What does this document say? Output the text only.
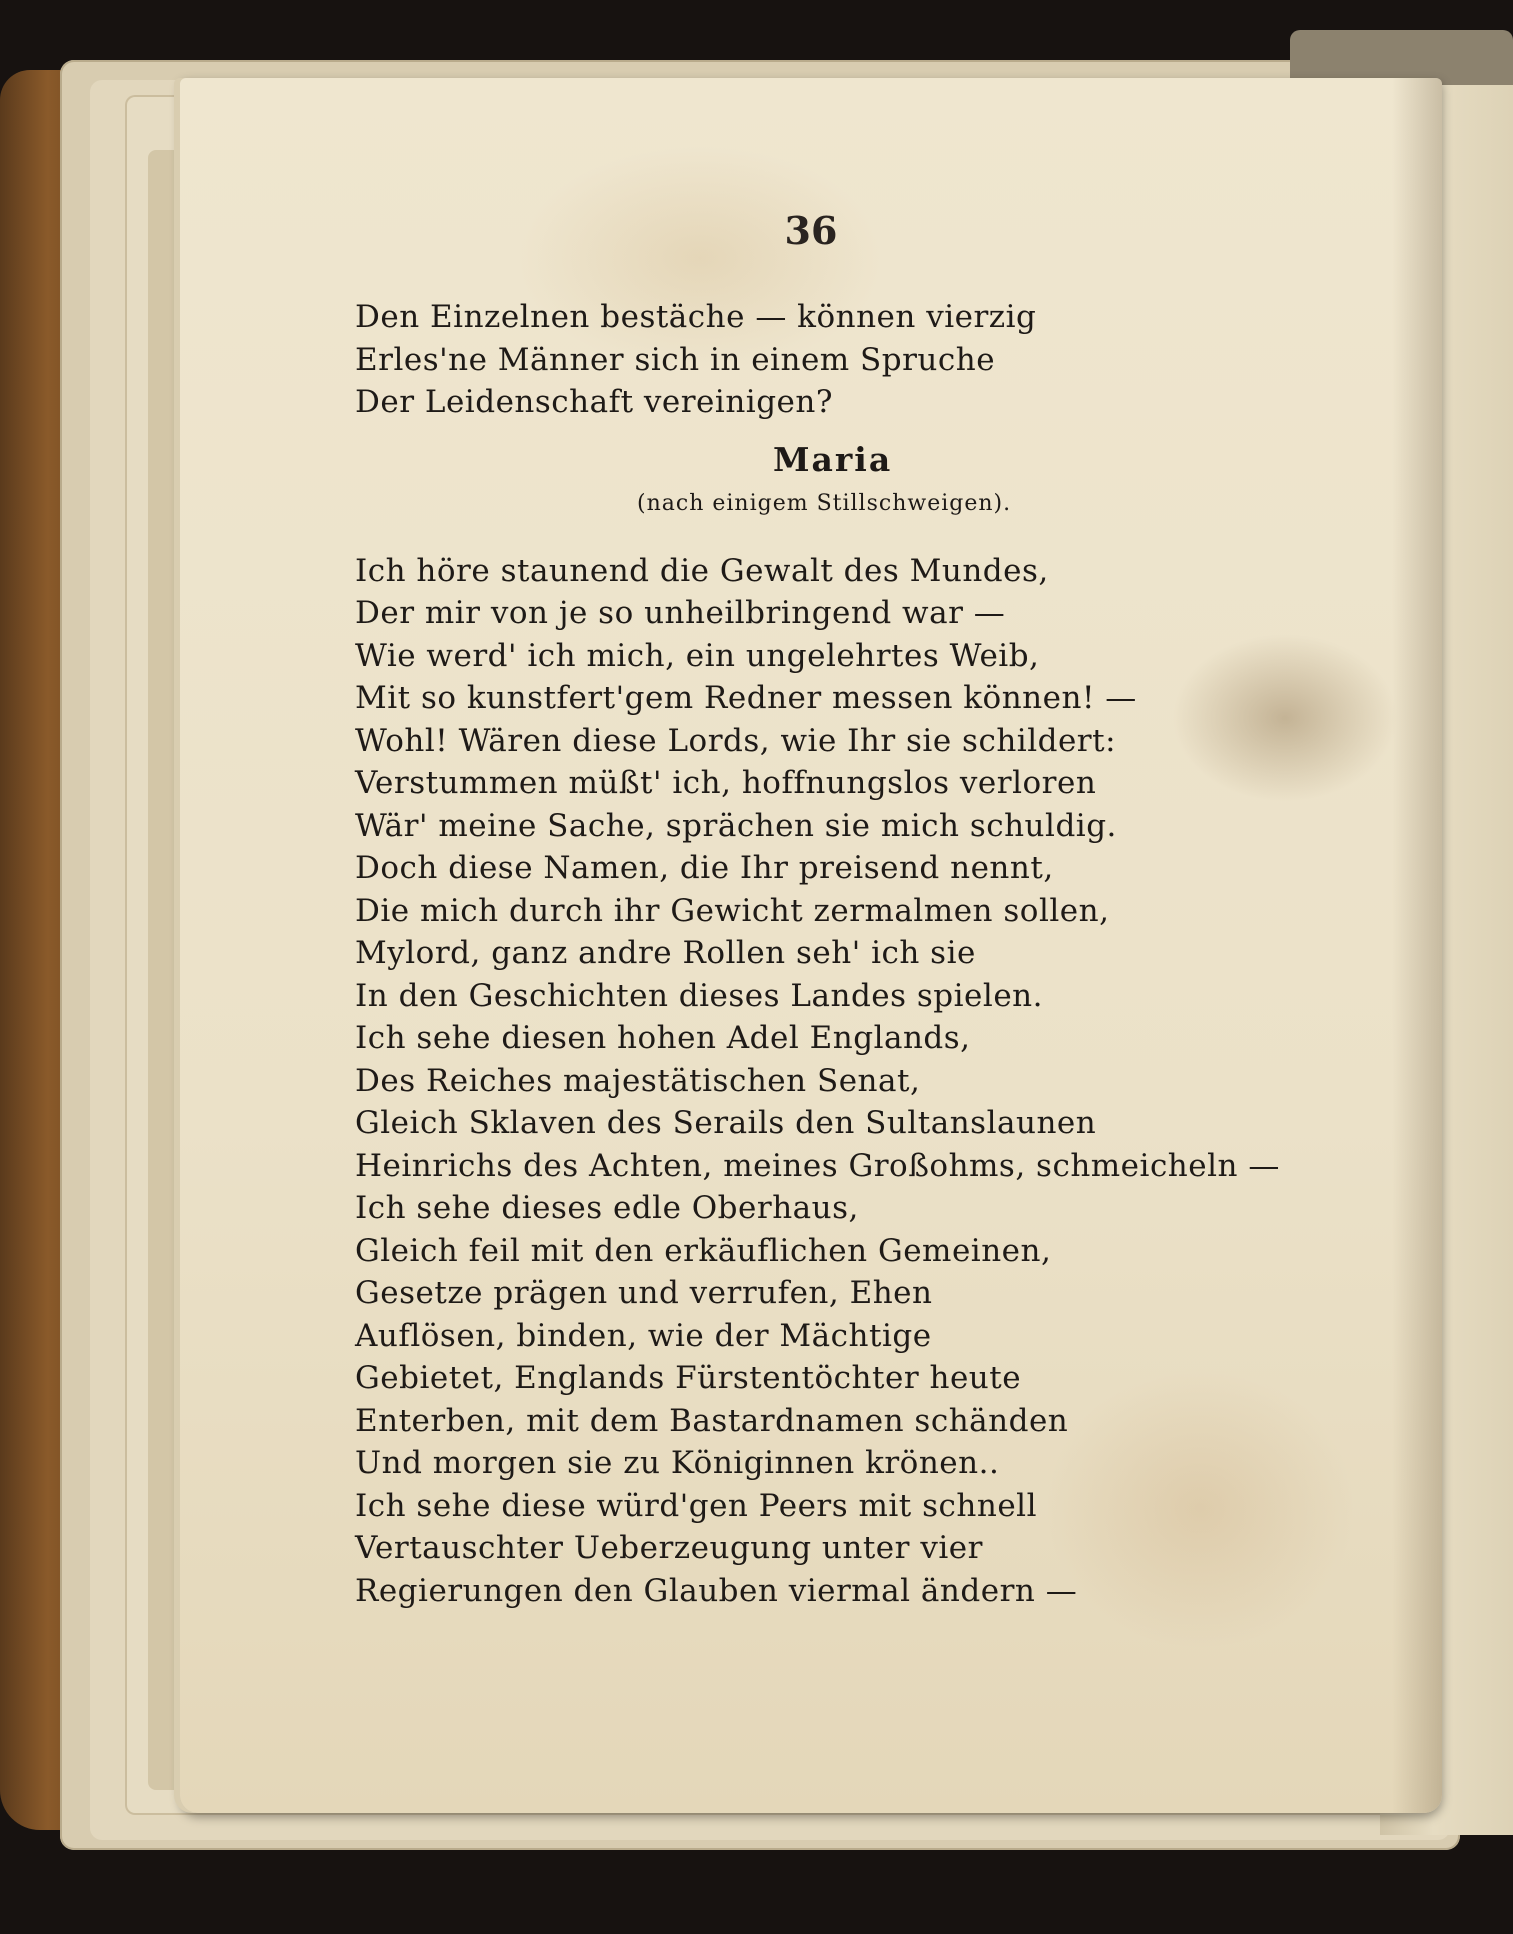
36
Den Einzelnen bestäche — können vierzig
Erles'ne Männer sich in einem Spruche
Der Leidenschaft vereinigen?
Maria
(nach einigem Stillschweigen).
Ich höre staunend die Gewalt des Mundes,
Der mir von je so unheilbringend war —
Wie werd' ich mich, ein ungelehrtes Weib,
Mit so kunstfert'gem Redner messen können! —
Wohl! Wären diese Lords, wie Ihr sie schildert:
Verstummen müßt' ich, hoffnungslos verloren
Wär' meine Sache, sprächen sie mich schuldig.
Doch diese Namen, die Ihr preisend nennt,
Die mich durch ihr Gewicht zermalmen sollen,
Mylord, ganz andre Rollen seh' ich sie
In den Geschichten dieses Landes spielen.
Ich sehe diesen hohen Adel Englands,
Des Reiches majestätischen Senat,
Gleich Sklaven des Serails den Sultanslaunen
Heinrichs des Achten, meines Großohms, schmeicheln —
Ich sehe dieses edle Oberhaus,
Gleich feil mit den erkäuflichen Gemeinen,
Gesetze prägen und verrufen, Ehen
Auflösen, binden, wie der Mächtige
Gebietet, Englands Fürstentöchter heute
Enterben, mit dem Bastardnamen schänden
Und morgen sie zu Königinnen krönen..
Ich sehe diese würd'gen Peers mit schnell
Vertauschter Ueberzeugung unter vier
Regierungen den Glauben viermal ändern —
